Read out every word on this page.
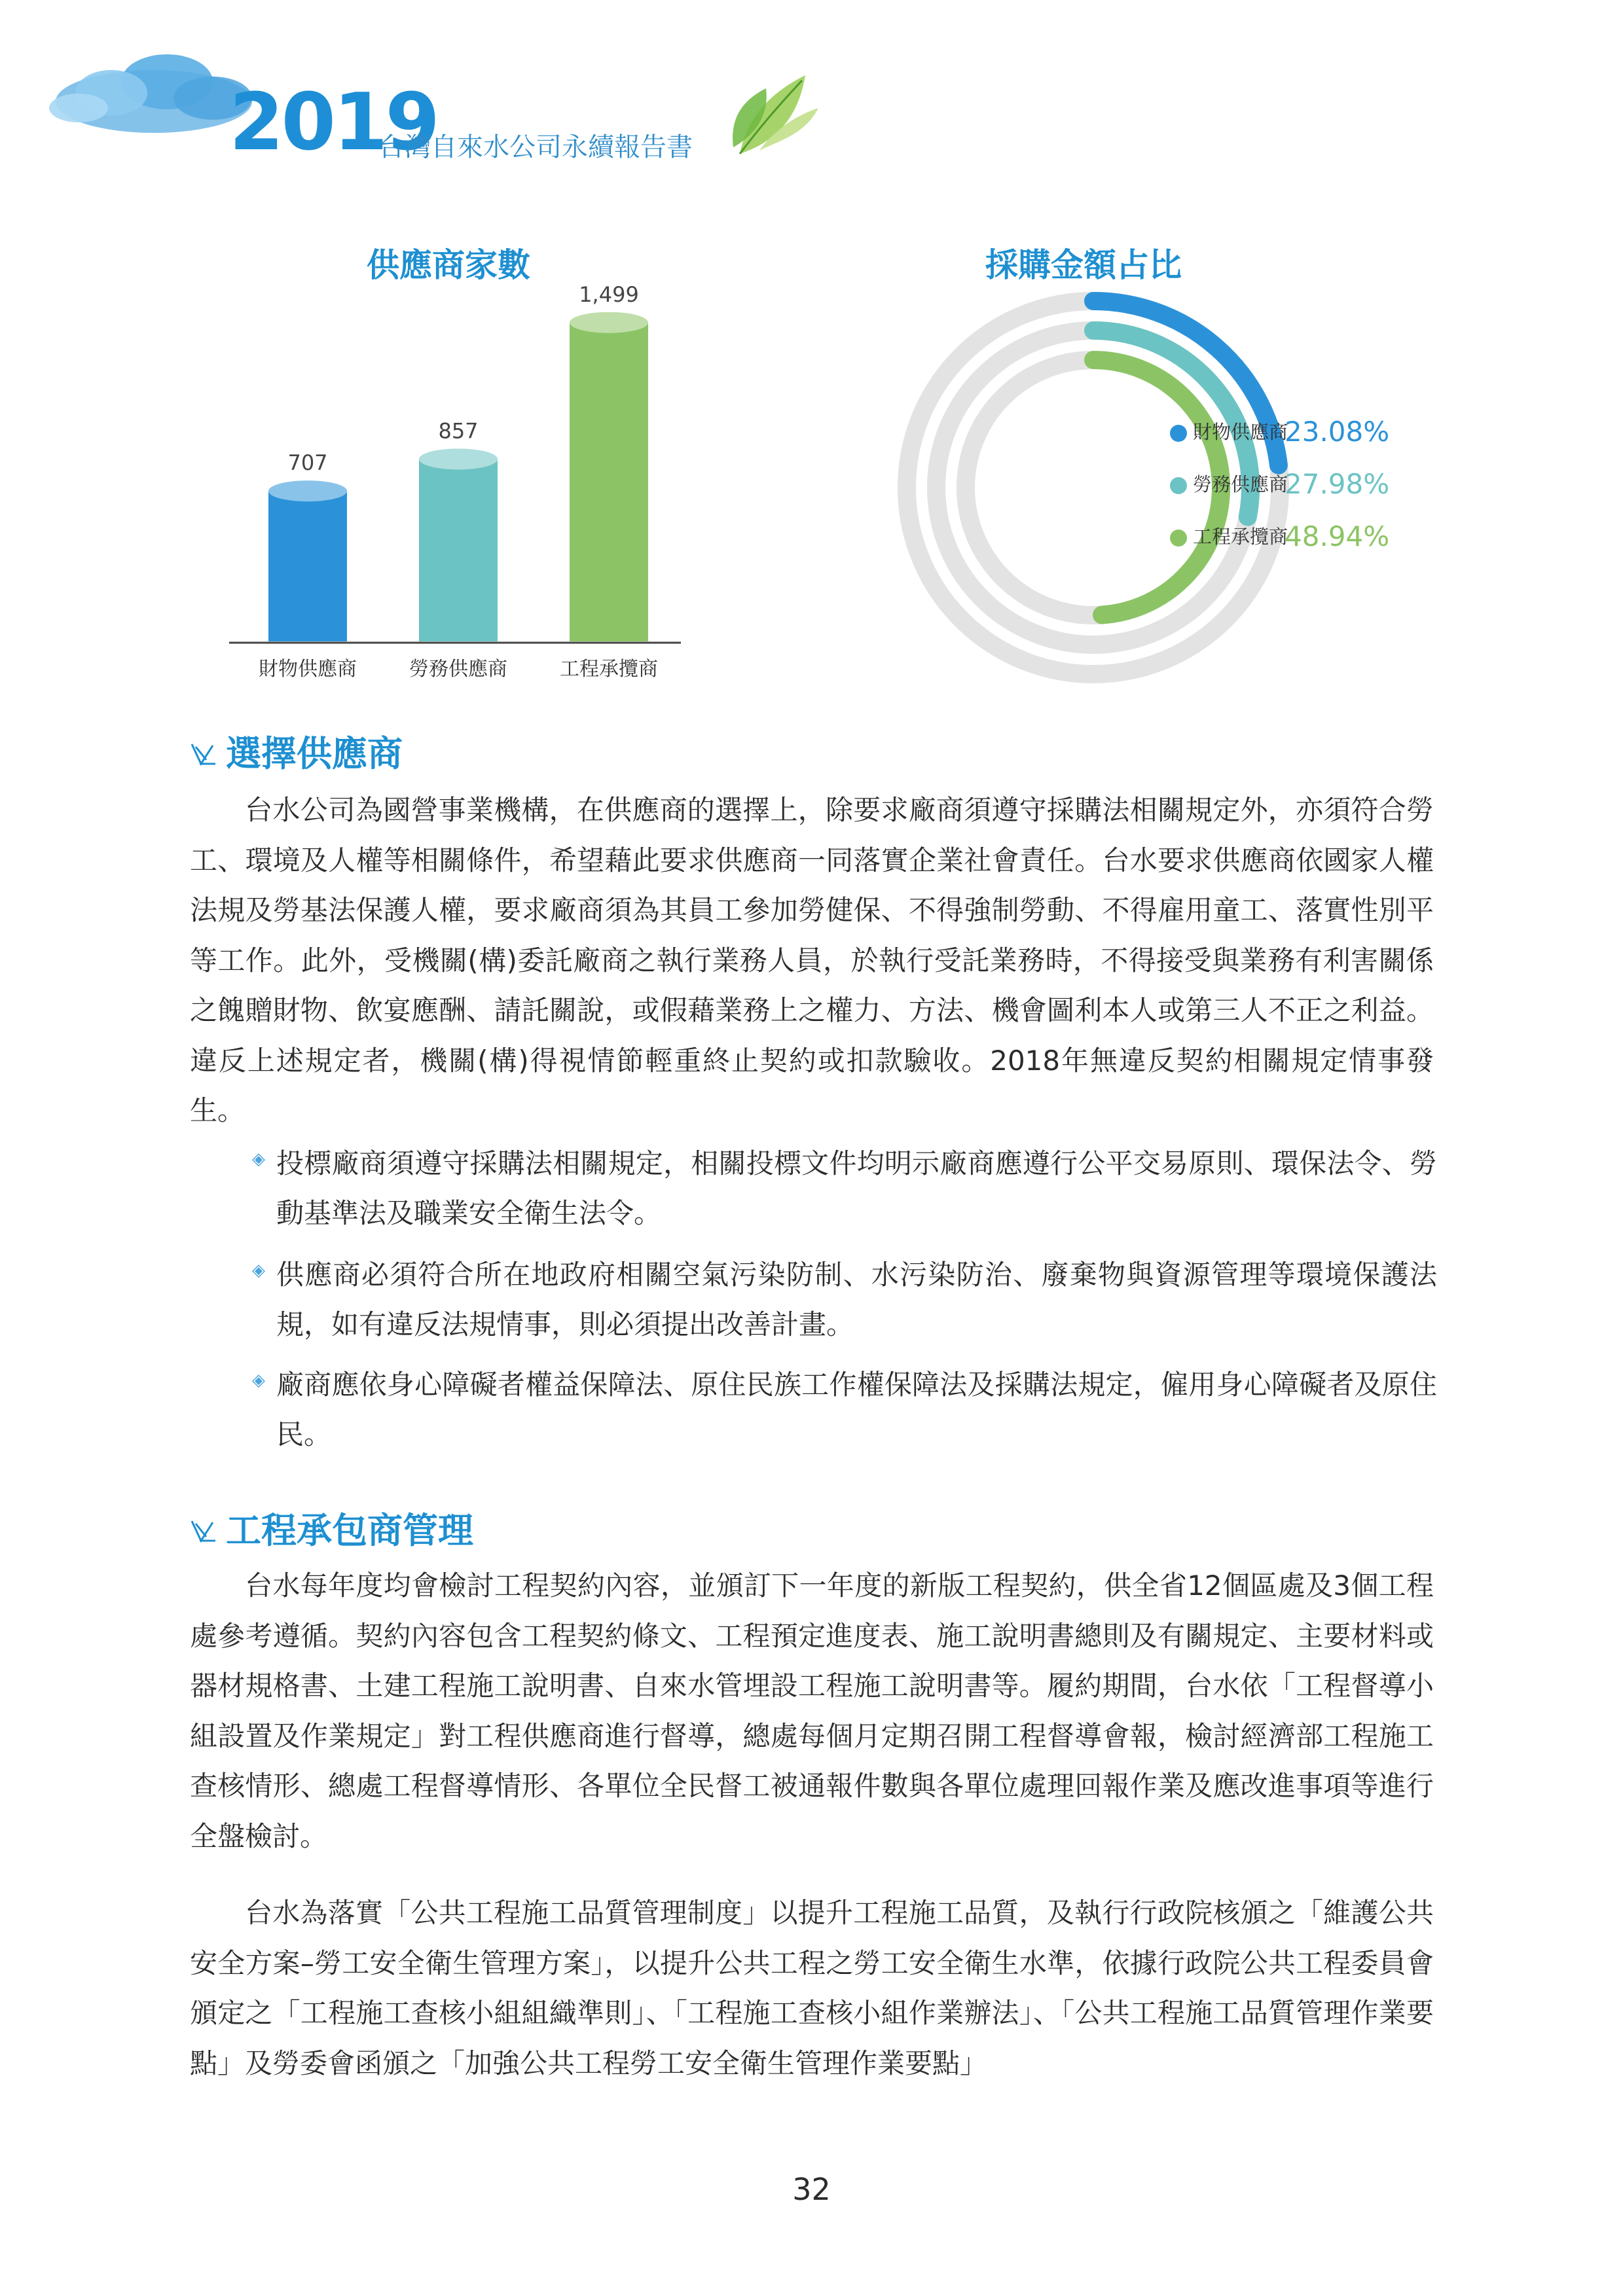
2019
台灣自來水公司永續報告書
供應商家數
707
財物供應商
857
勞務供應商
1,499
工程承攬商
採購金額占比
財物供應商
23.08%
勞務供應商
27.98%
工程承攬商
48.94%
選擇供應商
台水公司為國營事業機構，在供應商的選擇上，除要求廠商須遵守採購法相關規定外，亦須符合勞工、環境及人權等相關條件，希望藉此要求供應商一同落實企業社會責任。台水要求供應商依國家人權法規及勞基法保護人權，要求廠商須為其員工參加勞健保、不得強制勞動、不得雇用童工、落實性別平等工作。此外，受機關(構)委託廠商之執行業務人員，於執行受託業務時，不得接受與業務有利害關係之餽贈財物、飲宴應酬、請託關說，或假藉業務上之權力、方法、機會圖利本人或第三人不正之利益。違反上述規定者，機關(構)得視情節輕重終止契約或扣款驗收。2018年無違反契約相關規定情事發生。
◈ 投標廠商須遵守採購法相關規定，相關投標文件均明示廠商應遵行公平交易原則、環保法令、勞動基準法及職業安全衛生法令。
◈ 供應商必須符合所在地政府相關空氣污染防制、水污染防治、廢棄物與資源管理等環境保護法規，如有違反法規情事，則必須提出改善計畫。
◈ 廠商應依身心障礙者權益保障法、原住民族工作權保障法及採購法規定，僱用身心障礙者及原住民。
工程承包商管理
台水每年度均會檢討工程契約內容，並頒訂下一年度的新版工程契約，供全省12個區處及3個工程處參考遵循。契約內容包含工程契約條文、工程預定進度表、施工說明書總則及有關規定、主要材料或器材規格書、土建工程施工說明書、自來水管埋設工程施工說明書等。履約期間，台水依「工程督導小組設置及作業規定」對工程供應商進行督導，總處每個月定期召開工程督導會報，檢討經濟部工程施工查核情形、總處工程督導情形、各單位全民督工被通報件數與各單位處理回報作業及應改進事項等進行全盤檢討。
台水為落實「公共工程施工品質管理制度」以提升工程施工品質，及執行行政院核頒之「維護公共安全方案–勞工安全衛生管理方案」，以提升公共工程之勞工安全衛生水準，依據行政院公共工程委員會頒定之「工程施工查核小組組織準則」、「工程施工查核小組作業辦法」、「公共工程施工品質管理作業要點」及勞委會函頒之「加強公共工程勞工安全衛生管理作業要點」
32
